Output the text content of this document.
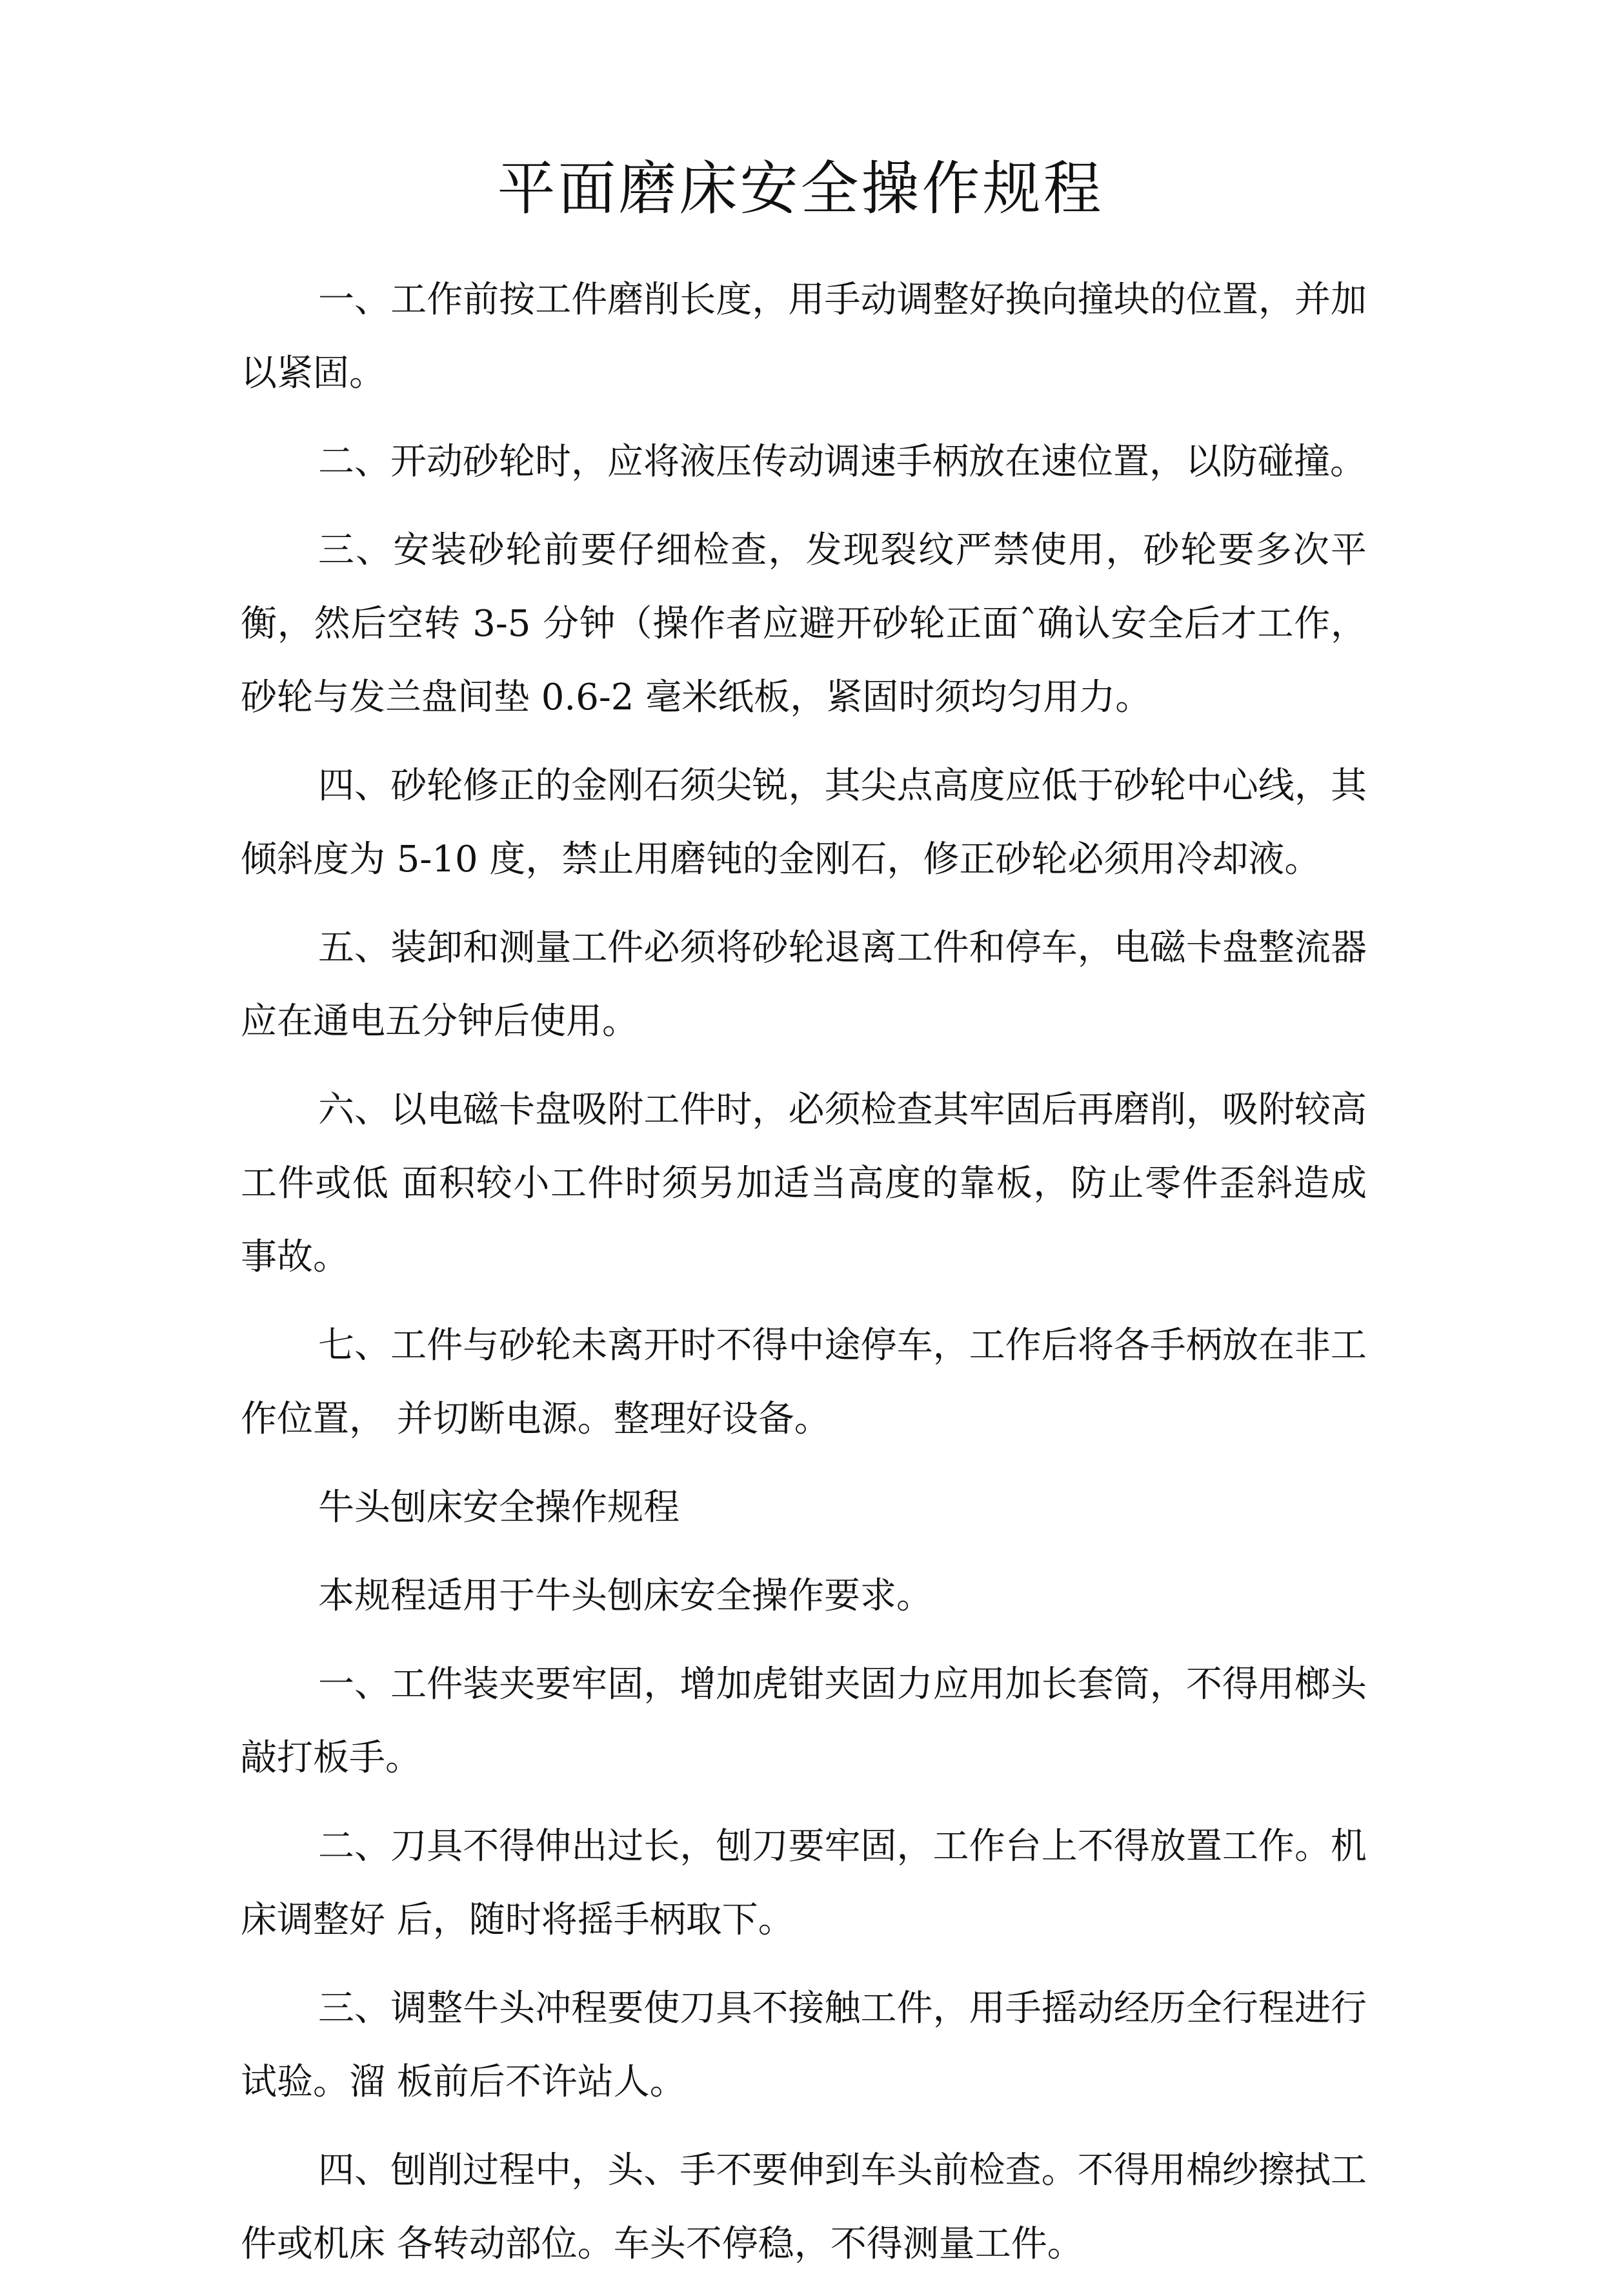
平面磨床安全操作规程

一、工作前按工件磨削长度，用手动调整好换向撞块的位置，并加以紧固。

二、开动砂轮时，应将液压传动调速手柄放在速位置，以防碰撞。

三、安装砂轮前要仔细检查，发现裂纹严禁使用，砂轮要多次平衡，然后空转 3-5 分钟（操作者应避开砂轮正面ˆ确认安全后才工作，砂轮与发兰盘间垫 0.6-2 毫米纸板，紧固时须均匀用力。

四、砂轮修正的金刚石须尖锐，其尖点高度应低于砂轮中心线，其倾斜度为 5-10 度，禁止用磨钝的金刚石，修正砂轮必须用冷却液。

五、装卸和测量工件必须将砂轮退离工件和停车，电磁卡盘整流器应在通电五分钟后使用。

六、以电磁卡盘吸附工件时，必须检查其牢固后再磨削，吸附较高工件或低 面积较小工件时须另加适当高度的靠板，防止零件歪斜造成事故。

七、工件与砂轮未离开时不得中途停车，工作后将各手柄放在非工作位置， 并切断电源。整理好设备。

牛头刨床安全操作规程

本规程适用于牛头刨床安全操作要求。

一、工件装夹要牢固，增加虎钳夹固力应用加长套筒，不得用榔头敲打板手。

二、刀具不得伸出过长，刨刀要牢固，工作台上不得放置工作。机床调整好 后，随时将摇手柄取下。

三、调整牛头冲程要使刀具不接触工件，用手摇动经历全行程进行试验。溜 板前后不许站人。

四、刨削过程中，头、手不要伸到车头前检查。不得用棉纱擦拭工件或机床 各转动部位。车头不停稳，不得测量工件。
